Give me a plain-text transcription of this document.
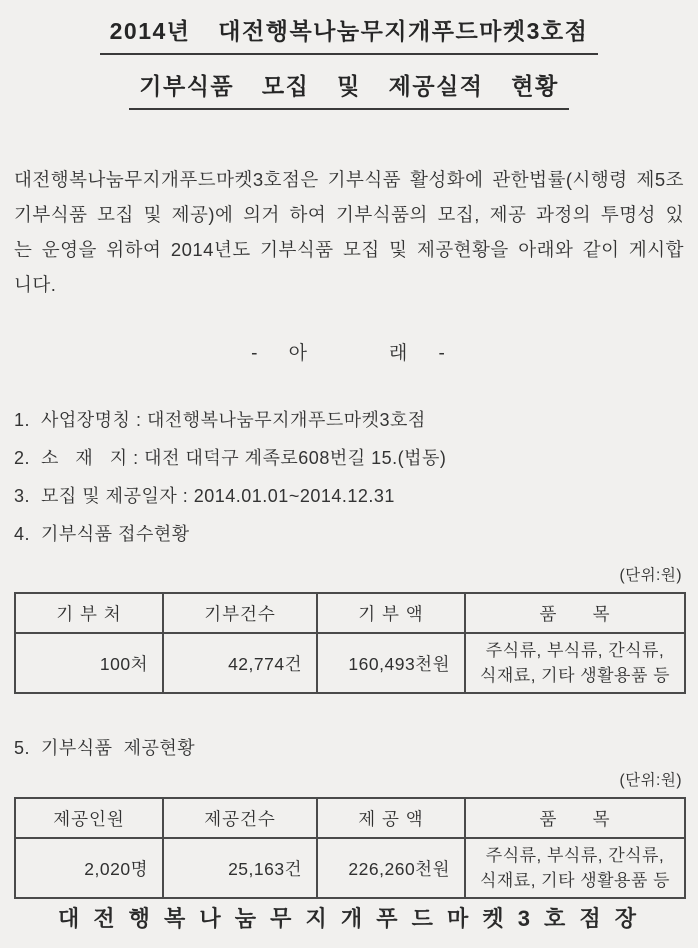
2014년  대전행복나눔무지개푸드마켓3호점
기부식품  모집  및  제공실적  현황
대전행복나눔무지개푸드마켓3호점은 기부식품 활성화에 관한법률(시행령 제5조
기부식품 모집 및 제공)에 의거 하여 기부식품의 모집, 제공 과정의 투명성 있
는 운영을 위하여 2014년도 기부식품 모집 및 제공현황을 아래와 같이 게시합
니다.
-    아           래    -
1.  사업장명칭 : 대전행복나눔무지개푸드마켓3호점
2.  소   재   지 : 대전 대덕구 계족로608번길 15.(법동)
3.  모집 및 제공일자 : 2014.01.01~2014.12.31
4.  기부식품 접수현황
(단위:원)
기 부 처	기부건수	기 부 액	품      목
100처	42,774건	160,493천원	주식류, 부식류, 간식류,
식재료, 기타 생활용품 등
5.  기부식품  제공현황
(단위:원)
제공인원	제공건수	제 공 액	품      목
2,020명	25,163건	226,260천원	주식류, 부식류, 간식류,
식재료, 기타 생활용품 등
대 전 행 복 나 눔 무 지 개 푸 드 마 켓 3 호 점 장
